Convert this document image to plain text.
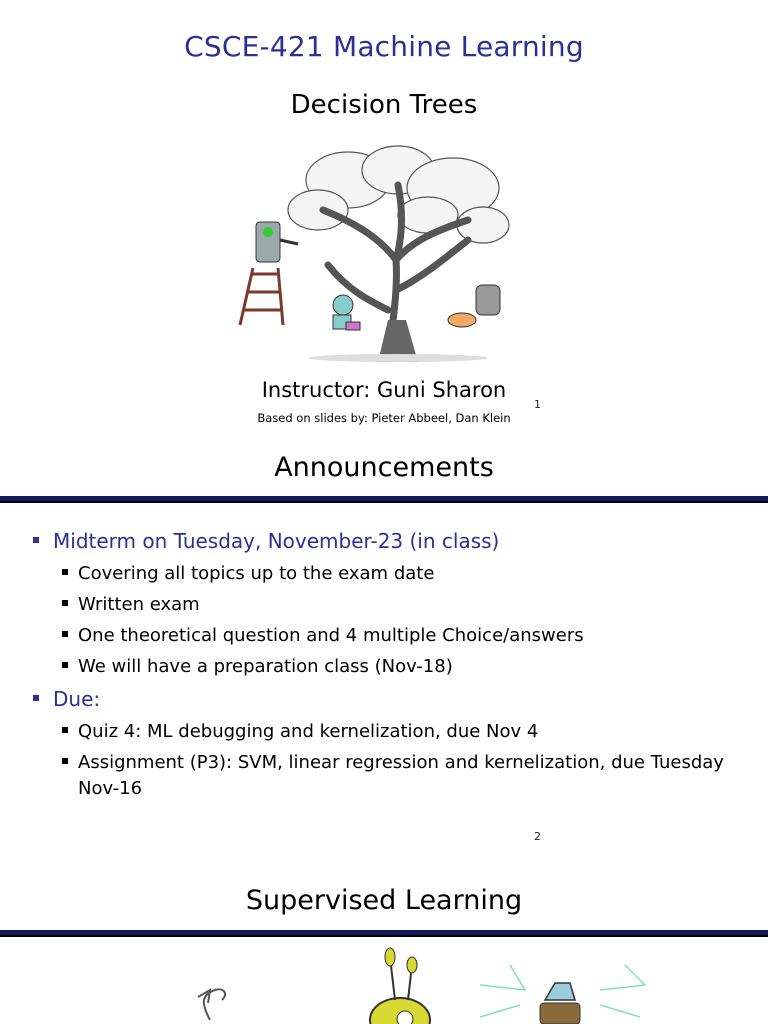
CSCE-421 Machine Learning
Decision Trees
Instructor: Guni Sharon
Based on slides by: Pieter Abbeel, Dan Klein
1
Announcements
Midterm on Tuesday, November-23 (in class)
Covering all topics up to the exam date
Written exam
One theoretical question and 4 multiple Choice/answers
We will have a preparation class (Nov-18)
Due:
Quiz 4: ML debugging and kernelization, due Nov 4
Assignment (P3): SVM, linear regression and kernelization, due Tuesday Nov-16
2
Supervised Learning
